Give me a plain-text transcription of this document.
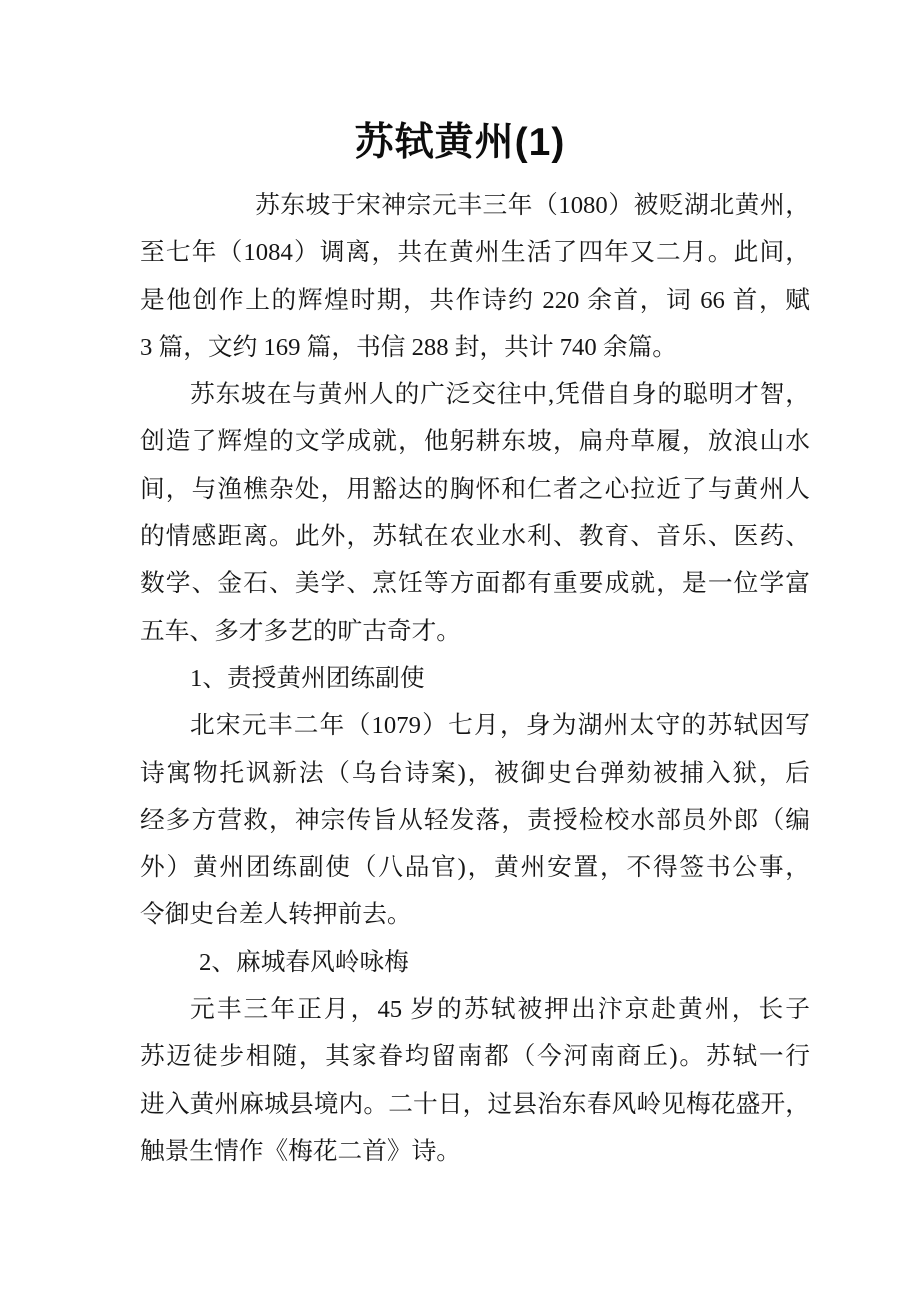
苏轼黄州(1)
苏东坡于宋神宗元丰三年（1080）被贬湖北黄州，
至七年（1084）调离，共在黄州生活了四年又二月。此间，
是他创作上的辉煌时期，共作诗约 220 余首，词 66 首，赋
3 篇，文约 169 篇，书信 288 封，共计 740 余篇。
苏东坡在与黄州人的广泛交往中,凭借自身的聪明才智，
创造了辉煌的文学成就，他躬耕东坡，扁舟草履，放浪山水
间，与渔樵杂处，用豁达的胸怀和仁者之心拉近了与黄州人
的情感距离。此外，苏轼在农业水利、教育、音乐、医药、
数学、金石、美学、烹饪等方面都有重要成就，是一位学富
五车、多才多艺的旷古奇才。
1、责授黄州团练副使
北宋元丰二年（1079）七月，身为湖州太守的苏轼因写
诗寓物托讽新法（乌台诗案)，被御史台弹劾被捕入狱，后
经多方营救，神宗传旨从轻发落，责授检校水部员外郎（编
外）黄州团练副使（八品官)，黄州安置，不得签书公事，
令御史台差人转押前去。
2、麻城春风岭咏梅
元丰三年正月，45 岁的苏轼被押出汴京赴黄州，长子
苏迈徒步相随，其家眷均留南都（今河南商丘)。苏轼一行
进入黄州麻城县境内。二十日，过县治东春风岭见梅花盛开，
触景生情作《梅花二首》诗。
